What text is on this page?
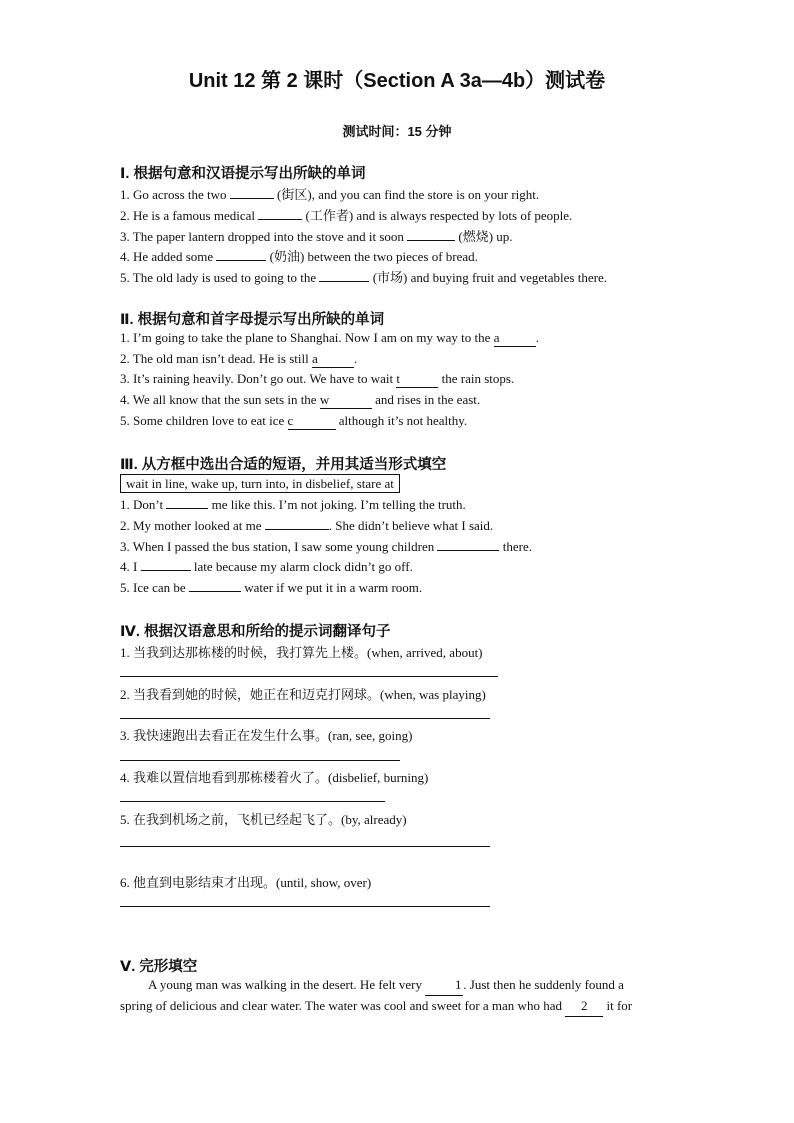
Unit 12 第 2 课时（Section A 3a—4b）测试卷
测试时间：15 分钟
Ⅰ. 根据句意和汉语提示写出所缺的单词
1. Go across the two	(街区), and you can find the store is on your right.
2. He is a famous medical	(工作者) and is always respected by lots of people.
3. The paper lantern dropped into the stove and it soon	(燃烧) up.
4. He added some	(奶油) between the two pieces of bread.
5. The old lady is used to going to the	(市场) and buying fruit and vegetables there.
Ⅱ. 根据句意和首字母提示写出所缺的单词
1. I’m going to take the plane to Shanghai. Now I am on my way to the a	.
2. The old man isn’t dead. He is still a	.
3. It’s raining heavily. Don’t go out. We have to wait t	the rain stops.
4. We all know that the sun sets in the w	and rises in the east.
5. Some children love to eat ice c	although it’s not healthy.
Ⅲ. 从方框中选出合适的短语，并用其适当形式填空
wait in line, wake up, turn into, in disbelief, stare at
1. Don’t	me like this. I’m not joking. I’m telling the truth.
2. My mother looked at me	. She didn’t believe what I said.
3. When I passed the bus station, I saw some young children	there.
4. I	late because my alarm clock didn’t go off.
5. Ice can be	water if we put it in a warm room.
Ⅳ. 根据汉语意思和所给的提示词翻译句子
1. 当我到达那栋楼的时候，我打算先上楼。(when, arrived, about)
2. 当我看到她的时候，她正在和迈克打网球。(when, was playing)
3. 我快速跑出去看正在发生什么事。(ran, see, going)
4. 我难以置信地看到那栋楼着火了。(disbelief, burning)
5. 在我到机场之前，飞机已经起飞了。(by, already)
6. 他直到电影结束才出现。(until, show, over)
Ⅴ. 完形填空
A young man was walking in the desert. He felt very 1 . Just then he suddenly found a
spring of delicious and clear water. The water was cool and sweet for a man who had 2 it for
